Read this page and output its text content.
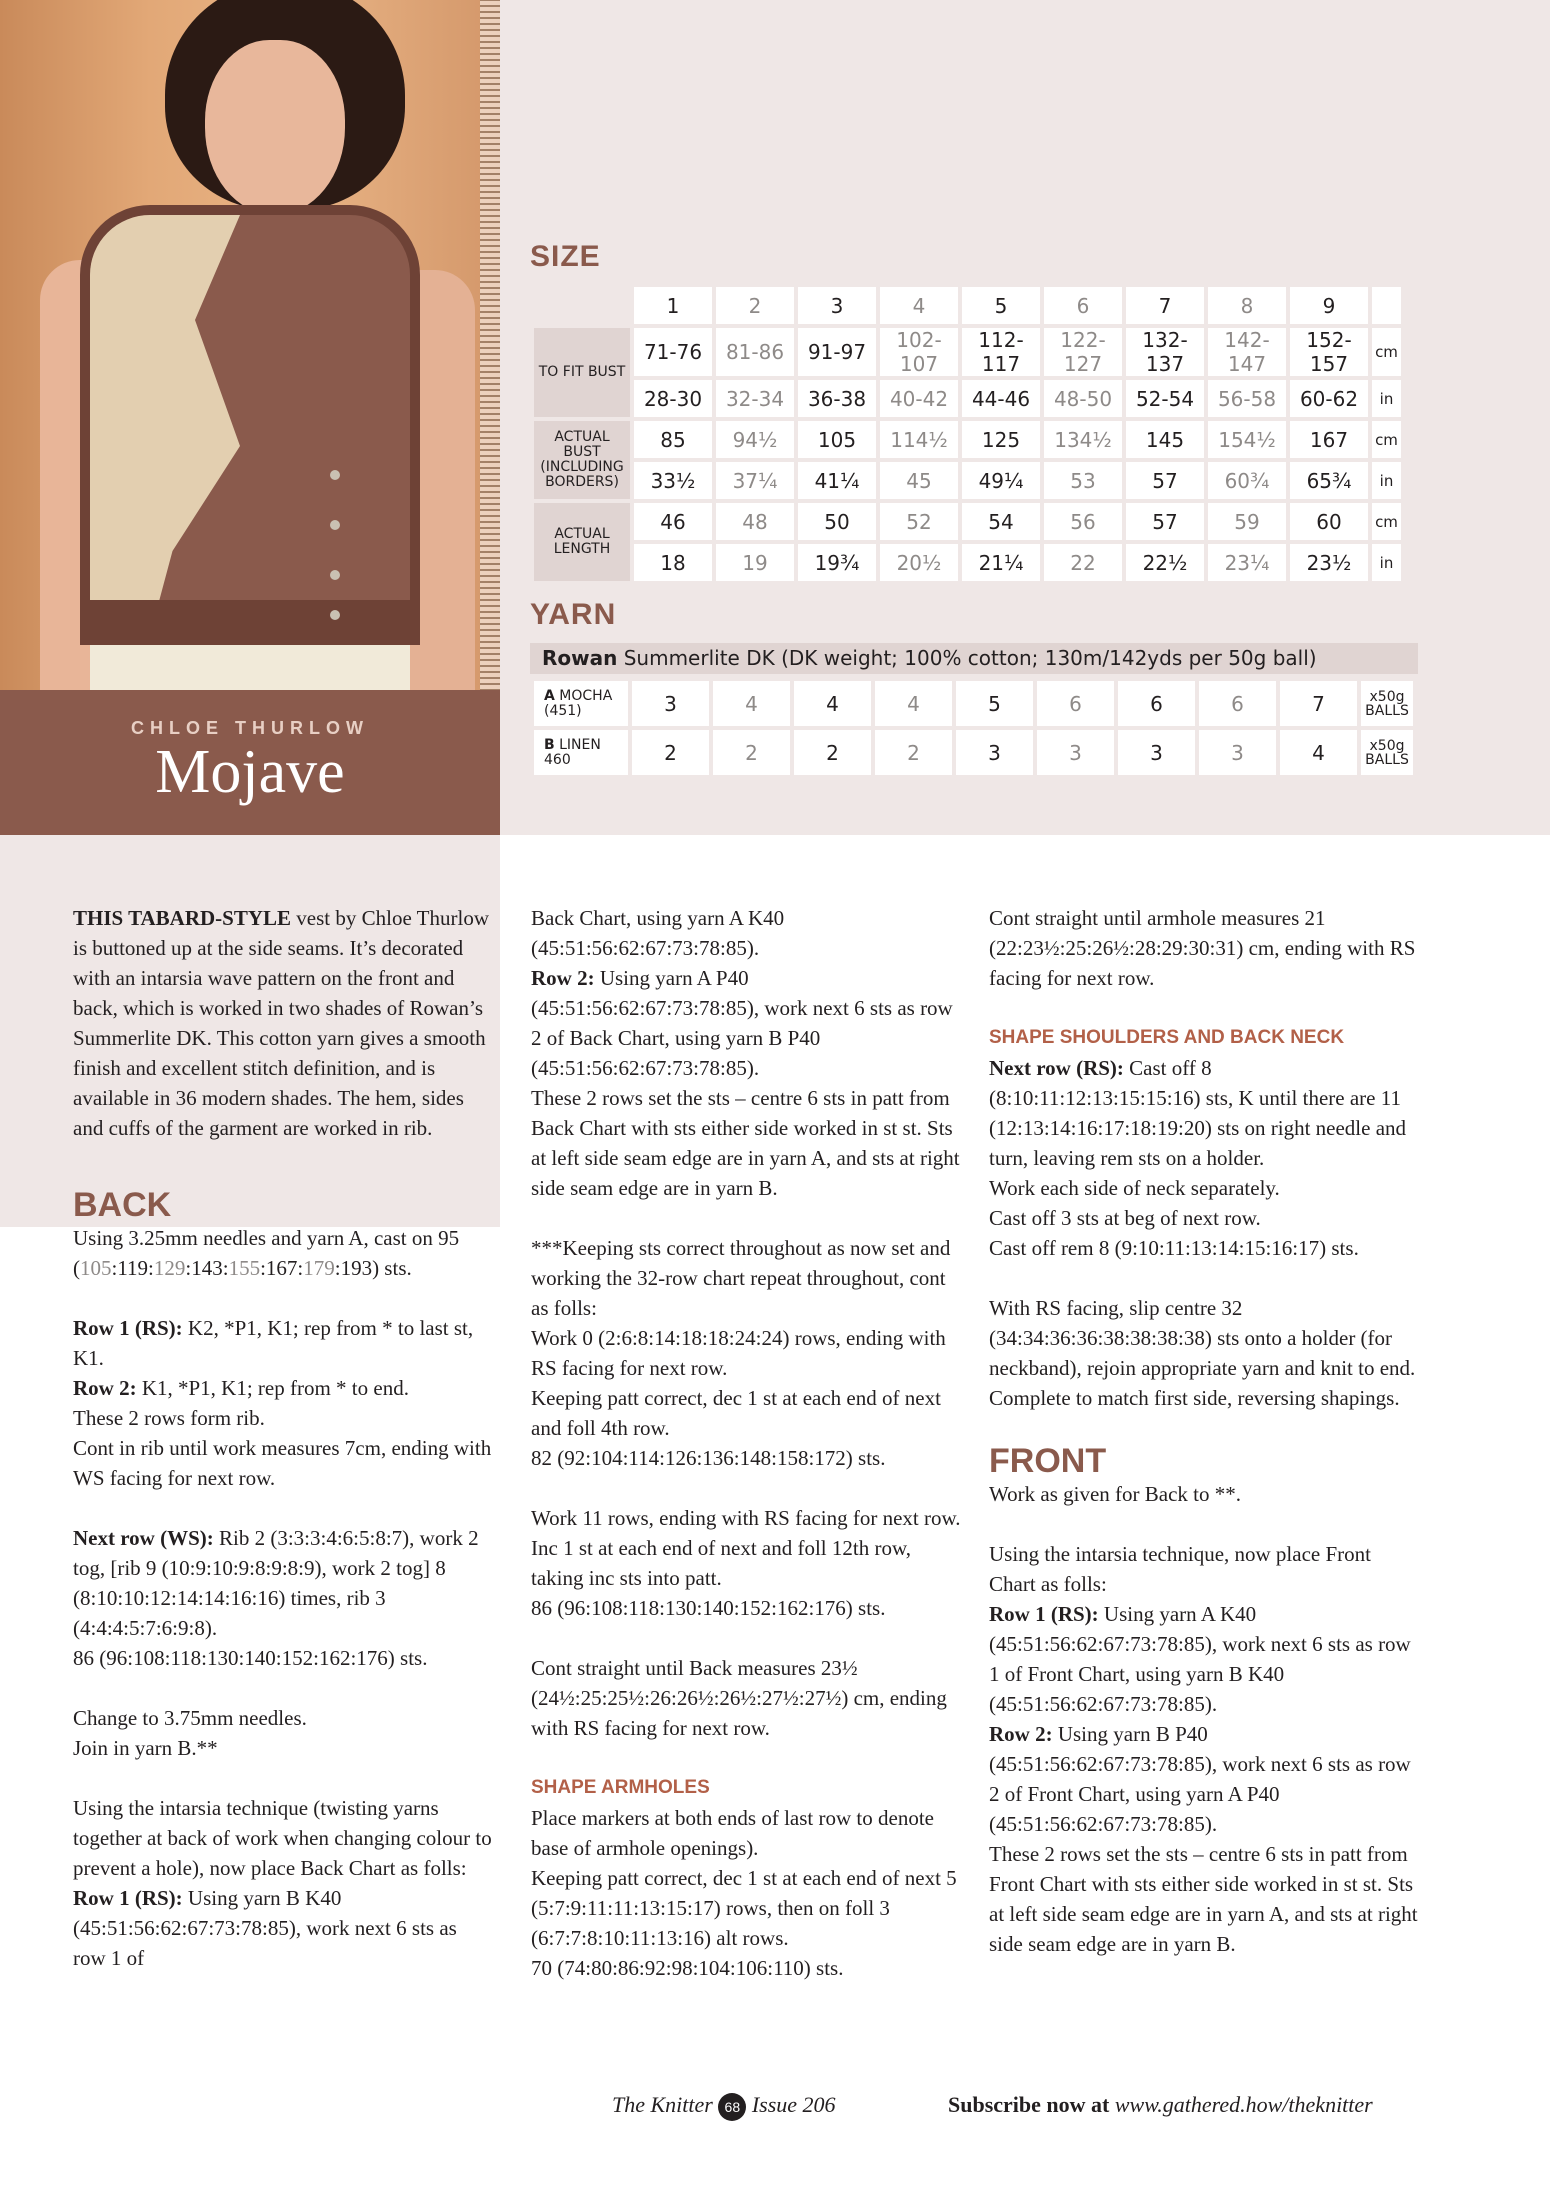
CHLOE THURLOW
Mojave
SIZE
	1	2	3	4	5	6	7	8	9	
TO FIT BUST	71-76	81-86	91-97	102-107	112-117	122-127	132-137	142-147	152-157	cm
	28-30	32-34	36-38	40-42	44-46	48-50	52-54	56-58	60-62	in
ACTUAL BUST (INCLUDING BORDERS)	85	94½	105	114½	125	134½	145	154½	167	cm
	33½	37¼	41¼	45	49¼	53	57	60¾	65¾	in
ACTUAL LENGTH	46	48	50	52	54	56	57	59	60	cm
	18	19	19¾	20½	21¼	22	22½	23¼	23½	in
YARN
Rowan Summerlite DK (DK weight; 100% cotton; 130m/142yds per 50g ball)
A MOCHA
(451)	3	4	4	4	5	6	6	6	7	x50g BALLS
B LINEN
460	2	2	2	2	3	3	3	3	4	x50g BALLS

THIS TABARD-STYLE vest by Chloe Thurlow is buttoned up at the side seams. It’s decorated with an intarsia wave pattern on the front and back, which is worked in two shades of Rowan’s Summerlite DK. This cotton yarn gives a smooth finish and excellent stitch definition, and is available in 36 modern shades. The hem, sides and cuffs of the garment are worked in rib.

BACK

Using 3.25mm needles and yarn A, cast on 95 (105:119:129:143:155:167:179:193) sts.

Row 1 (RS): K2, *P1, K1; rep from * to last st, K1.
Row 2: K1, *P1, K1; rep from * to end.
These 2 rows form rib.
Cont in rib until work measures 7cm, ending with WS facing for next row.

Next row (WS): Rib 2 (3:3:3:4:6:5:8:7), work 2 tog, [rib 9 (10:9:10:9:8:9:8:9), work 2 tog] 8 (8:10:10:12:14:14:16:16) times, rib 3 (4:4:4:5:7:6:9:8).
86 (96:108:118:130:140:152:162:176) sts.

Change to 3.75mm needles.
Join in yarn B.**

Using the intarsia technique (twisting yarns together at back of work when changing colour to prevent a hole), now place Back Chart as folls:
Row 1 (RS): Using yarn B K40 (45:51:56:62:67:73:78:85), work next 6 sts as row 1 of

Back Chart, using yarn A K40 (45:51:56:62:67:73:78:85).
Row 2: Using yarn A P40 (45:51:56:62:67:73:78:85), work next 6 sts as row 2 of Back Chart, using yarn B P40 (45:51:56:62:67:73:78:85).
These 2 rows set the sts – centre 6 sts in patt from Back Chart with sts either side worked in st st. Sts at left side seam edge are in yarn A, and sts at right side seam edge are in yarn B.

***Keeping sts correct throughout as now set and working the 32-row chart repeat throughout, cont as folls:
Work 0 (2:6:8:14:18:18:24:24) rows, ending with RS facing for next row.
Keeping patt correct, dec 1 st at each end of next and foll 4th row.
82 (92:104:114:126:136:148:158:172) sts.

Work 11 rows, ending with RS facing for next row.
Inc 1 st at each end of next and foll 12th row, taking inc sts into patt.
86 (96:108:118:130:140:152:162:176) sts.

Cont straight until Back measures 23½ (24½:25:25½:26:26½:26½:27½:27½) cm, ending with RS facing for next row.

SHAPE ARMHOLES

Place markers at both ends of last row to denote base of armhole openings).
Keeping patt correct, dec 1 st at each end of next 5 (5:7:9:11:11:13:15:17) rows, then on foll 3 (6:7:7:8:10:11:13:16) alt rows.
70 (74:80:86:92:98:104:106:110) sts.

Cont straight until armhole measures 21 (22:23½:25:26½:28:29:30:31) cm, ending with RS facing for next row.

SHAPE SHOULDERS AND BACK NECK

Next row (RS): Cast off 8 (8:10:11:12:13:15:15:16) sts, K until there are 11 (12:13:14:16:17:18:19:20) sts on right needle and turn, leaving rem sts on a holder.
Work each side of neck separately.
Cast off 3 sts at beg of next row.
Cast off rem 8 (9:10:11:13:14:15:16:17) sts.

With RS facing, slip centre 32 (34:34:36:36:38:38:38:38) sts onto a holder (for neckband), rejoin appropriate yarn and knit to end.
Complete to match first side, reversing shapings.

FRONT

Work as given for Back to **.

Using the intarsia technique, now place Front Chart as folls:
Row 1 (RS): Using yarn A K40 (45:51:56:62:67:73:78:85), work next 6 sts as row 1 of Front Chart, using yarn B K40 (45:51:56:62:67:73:78:85).
Row 2: Using yarn B P40 (45:51:56:62:67:73:78:85), work next 6 sts as row 2 of Front Chart, using yarn A P40 (45:51:56:62:67:73:78:85).
These 2 rows set the sts – centre 6 sts in patt from Front Chart with sts either side worked in st st. Sts at left side seam edge are in yarn A, and sts at right side seam edge are in yarn B.

The Knitter 68 Issue 206	Subscribe now at www.gathered.how/theknitter
